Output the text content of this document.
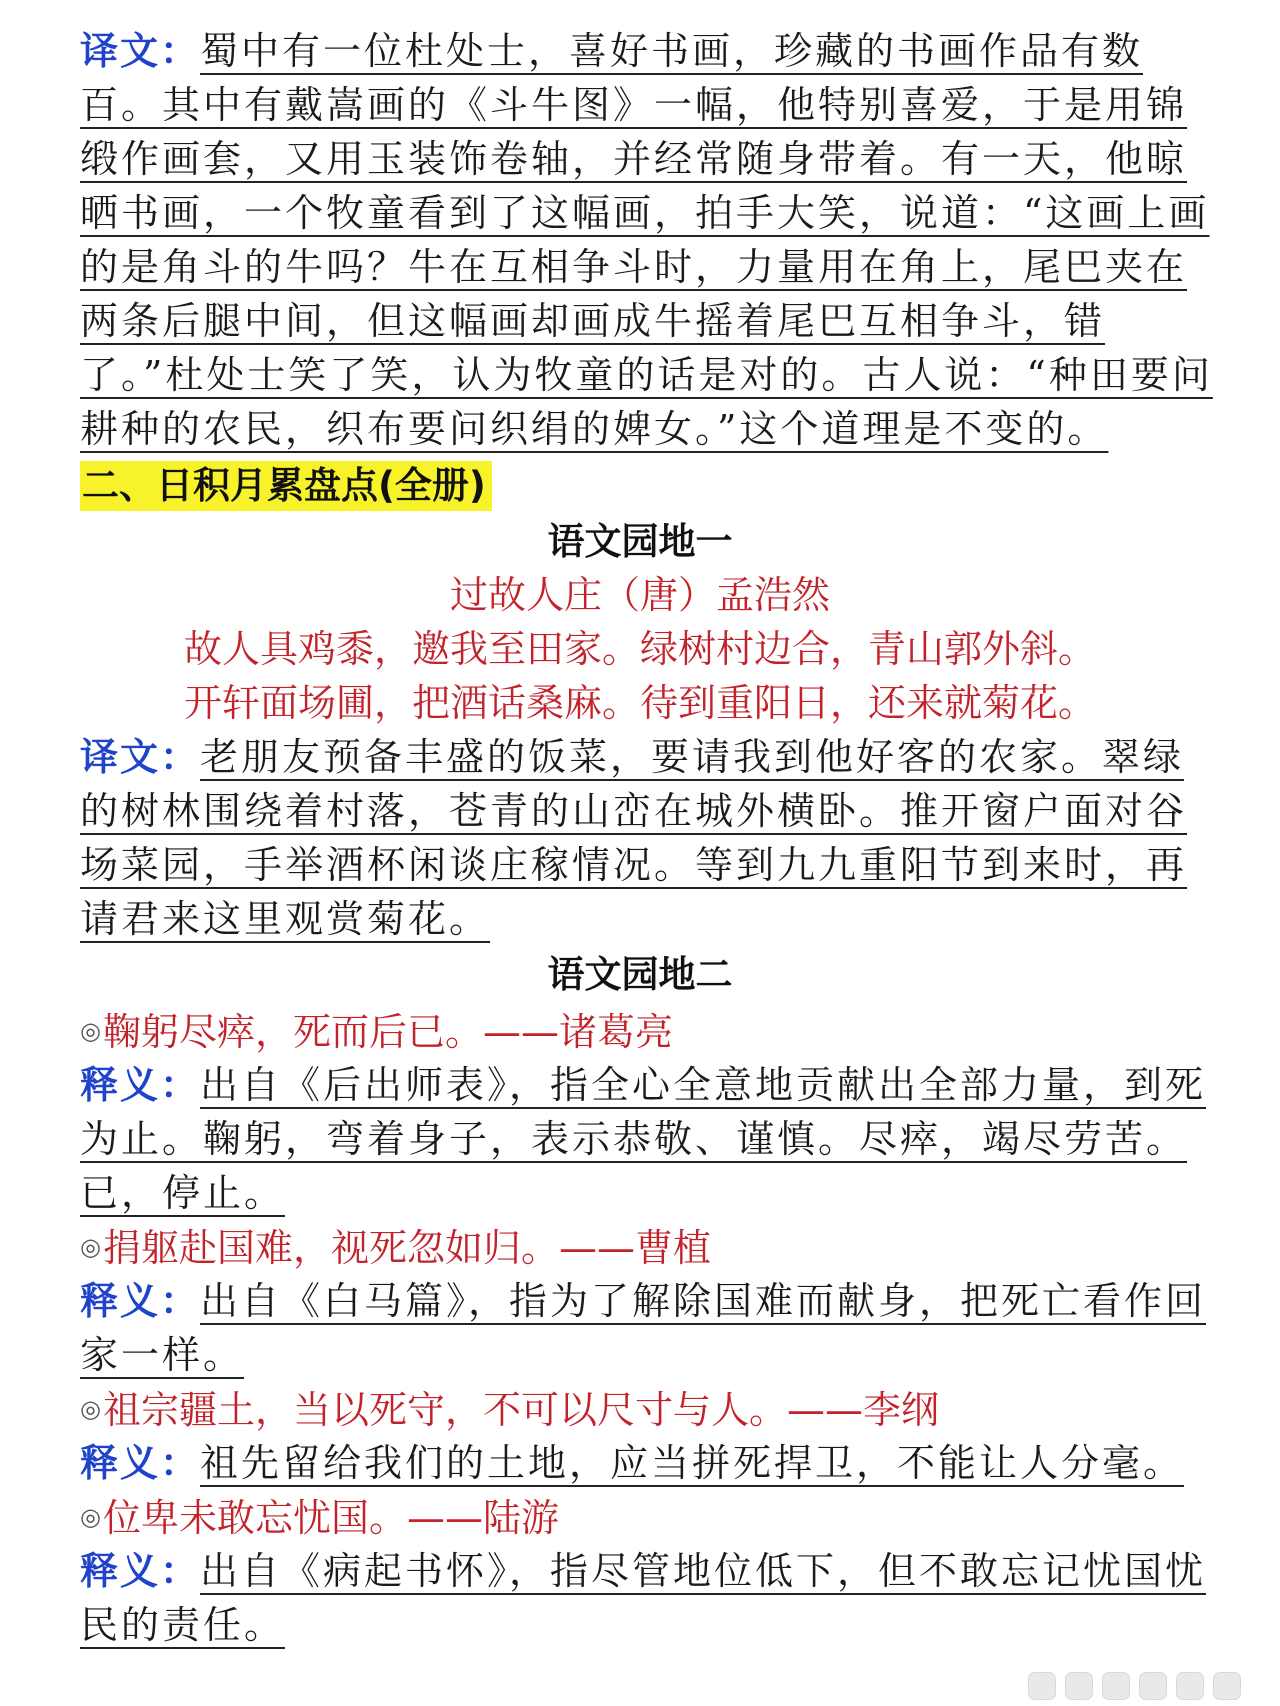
译文：蜀中有一位杜处士，喜好书画，珍藏的书画作品有数百。其中有戴嵩画的《斗牛图》一幅，他特别喜爱，于是用锦缎作画套，又用玉装饰卷轴，并经常随身带着。有一天，他晾晒书画，一个牧童看到了这幅画，拍手大笑，说道：“这画上画的是角斗的牛吗？牛在互相争斗时，力量用在角上，尾巴夹在两条后腿中间，但这幅画却画成牛摇着尾巴互相争斗，错了。”杜处士笑了笑，认为牧童的话是对的。古人说：“种田要问耕种的农民，织布要问织绢的婢女。”这个道理是不变的。
二、日积月累盘点(全册)
语文园地一
过故人庄（唐）孟浩然
故人具鸡黍，邀我至田家。绿树村边合，青山郭外斜。
开轩面场圃，把酒话桑麻。待到重阳日，还来就菊花。
译文：老朋友预备丰盛的饭菜，要请我到他好客的农家。翠绿的树林围绕着村落，苍青的山峦在城外横卧。推开窗户面对谷场菜园，手举酒杯闲谈庄稼情况。等到九九重阳节到来时，再请君来这里观赏菊花。
语文园地二
◎鞠躬尽瘁，死而后已。——诸葛亮
释义：出自《后出师表》，指全心全意地贡献出全部力量，到死为止。鞠躬，弯着身子，表示恭敬、谨慎。尽瘁，竭尽劳苦。已，停止。
◎捐躯赴国难，视死忽如归。——曹植
释义：出自《白马篇》，指为了解除国难而献身，把死亡看作回家一样。
◎祖宗疆土，当以死守，不可以尺寸与人。——李纲
释义：祖先留给我们的土地，应当拼死捍卫，不能让人分毫。
◎位卑未敢忘忧国。——陆游
释义：出自《病起书怀》，指尽管地位低下，但不敢忘记忧国忧民的责任。
